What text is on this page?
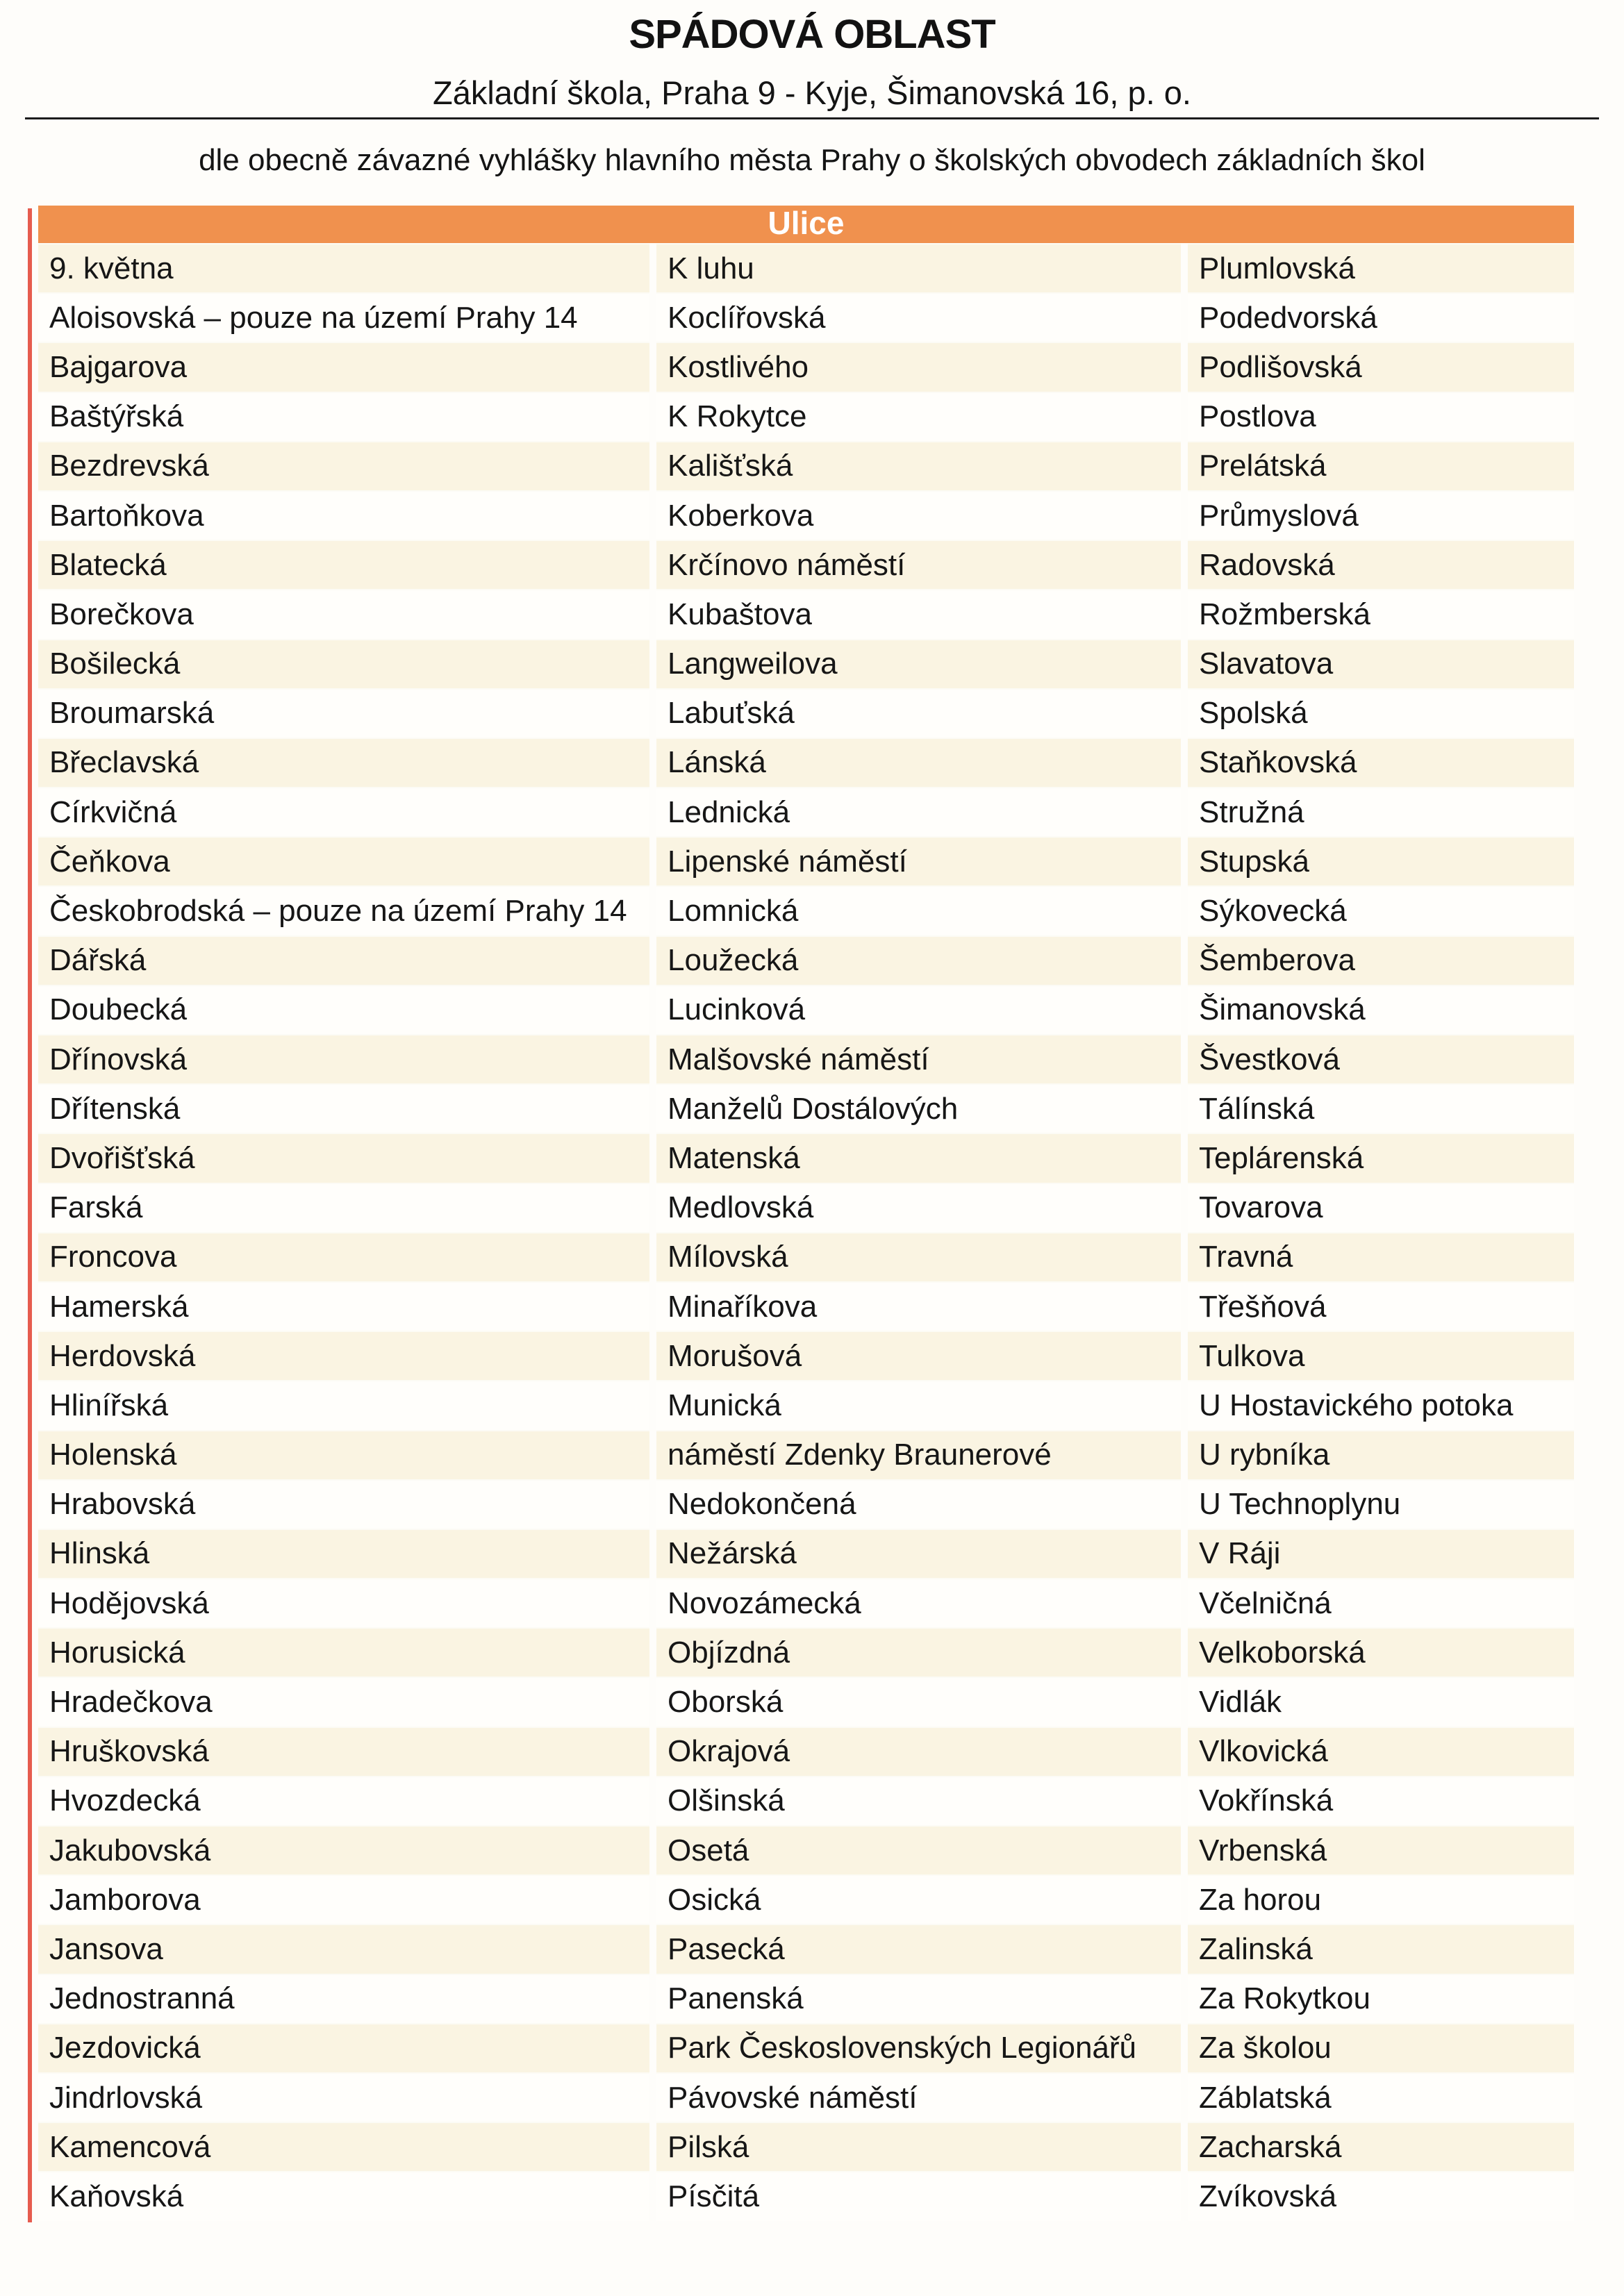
SPÁDOVÁ OBLAST
Základní škola, Praha 9 - Kyje, Šimanovská 16, p. o.
dle obecně závazné vyhlášky hlavního města Prahy o školských obvodech základních škol
Ulice
9. května
Aloisovská – pouze na území Prahy 14
Bajgarova
Baštýřská
Bezdrevská
Bartoňkova
Blatecká
Borečkova
Bošilecká
Broumarská
Břeclavská
Církvičná
Čeňkova
Českobrodská – pouze na území Prahy 14
Dářská
Doubecká
Dřínovská
Dřítenská
Dvořišťská
Farská
Froncova
Hamerská
Herdovská
Hlinířská
Holenská
Hrabovská
Hlinská
Hodějovská
Horusická
Hradečkova
Hruškovská
Hvozdecká
Jakubovská
Jamborova
Jansova
Jednostranná
Jezdovická
Jindrlovská
Kamencová
Kaňovská
K luhu
Koclířovská
Kostlivého
K Rokytce
Kališťská
Koberkova
Krčínovo náměstí
Kubaštova
Langweilova
Labuťská
Lánská
Lednická
Lipenské náměstí
Lomnická
Loužecká
Lucinková
Malšovské náměstí
Manželů Dostálových
Matenská
Medlovská
Mílovská
Minaříkova
Morušová
Munická
náměstí Zdenky Braunerové
Nedokončená
Nežárská
Novozámecká
Objízdná
Oborská
Okrajová
Olšinská
Osetá
Osická
Pasecká
Panenská
Park Československých Legionářů
Pávovské náměstí
Pilská
Písčitá
Plumlovská
Podedvorská
Podlišovská
Postlova
Prelátská
Průmyslová
Radovská
Rožmberská
Slavatova
Spolská
Staňkovská
Stružná
Stupská
Sýkovecká
Šemberova
Šimanovská
Švestková
Tálínská
Teplárenská
Tovarova
Travná
Třešňová
Tulkova
U Hostavického potoka
U rybníka
U Technoplynu
V Ráji
Včelničná
Velkoborská
Vidlák
Vlkovická
Vokřínská
Vrbenská
Za horou
Zalinská
Za Rokytkou
Za školou
Záblatská
Zacharská
Zvíkovská
